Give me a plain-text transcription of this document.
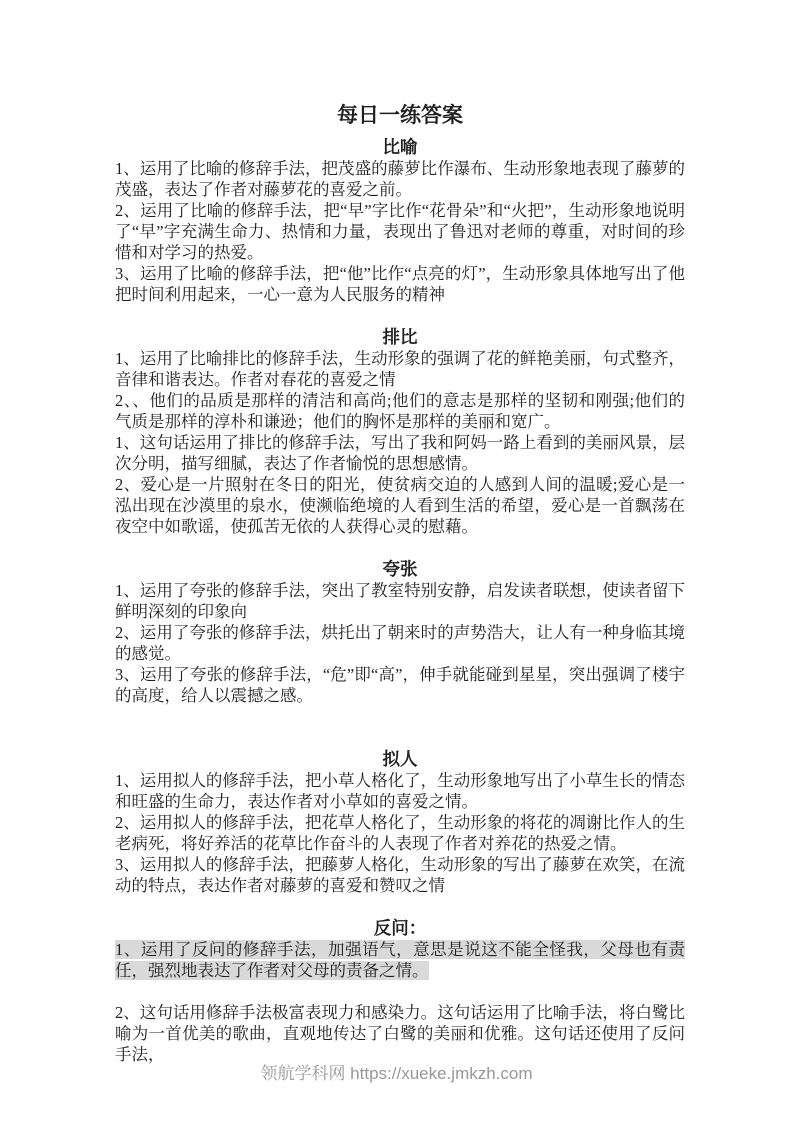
每日一练答案
比喻

1、运用了比喻的修辞手法，把茂盛的藤萝比作瀑布、生动形象地表现了藤萝的茂盛，表达了作者对藤萝花的喜爱之前。

2、运用了比喻的修辞手法，把“早”字比作“花骨朵”和“火把”，生动形象地说明了“早”字充满生命力、热情和力量，表现出了鲁迅对老师的尊重，对时间的珍惜和对学习的热爱。

3、运用了比喻的修辞手法，把“他”比作“点亮的灯”，生动形象具体地写出了他把时间利用起来，一心一意为人民服务的精神

排比

1、运用了比喻排比的修辞手法，生动形象的强调了花的鲜艳美丽，句式整齐，音律和谐表达。作者对春花的喜爱之情

2、、他们的品质是那样的清洁和高尚;他们的意志是那样的坚韧和刚强;他们的气质是那样的淳朴和谦逊；他们的胸怀是那样的美丽和宽广。

1、这句话运用了排比的修辞手法，写出了我和阿妈一路上看到的美丽风景，层次分明，描写细腻，表达了作者愉悦的思想感情。

2、爱心是一片照射在冬日的阳光，使贫病交迫的人感到人间的温暖;爱心是一泓出现在沙漠里的泉水，使濒临绝境的人看到生活的希望，爱心是一首飘荡在夜空中如歌谣，使孤苦无依的人获得心灵的慰藉。

夸张

1、运用了夸张的修辞手法，突出了教室特别安静，启发读者联想，使读者留下鲜明深刻的印象向

2、运用了夸张的修辞手法，烘托出了朝来时的声势浩大，让人有一种身临其境的感觉。

3、运用了夸张的修辞手法，“危”即“高”，伸手就能碰到星星，突出强调了楼宇的高度，给人以震撼之感。

拟人

1、运用拟人的修辞手法，把小草人格化了，生动形象地写出了小草生长的情态和旺盛的生命力，表达作者对小草如的喜爱之情。

2、运用拟人的修辞手法，把花草人格化了，生动形象的将花的凋谢比作人的生老病死，将好养活的花草比作奋斗的人表现了作者对养花的热爱之情。

3、运用拟人的修辞手法，把藤萝人格化，生动形象的写出了藤萝在欢笑，在流动的特点，表达作者对藤萝的喜爱和赞叹之情

反问：

1、运用了反问的修辞手法，加强语气，意思是说这不能全怪我，父母也有责任，强烈地表达了作者对父母的责备之情。

2、这句话用修辞手法极富表现力和感染力。这句话运用了比喻手法，将白鹭比喻为一首优美的歌曲，直观地传达了白鹭的美丽和优雅。这句话还使用了反问手法，

领航学科网 https://xueke.jmkzh.com
